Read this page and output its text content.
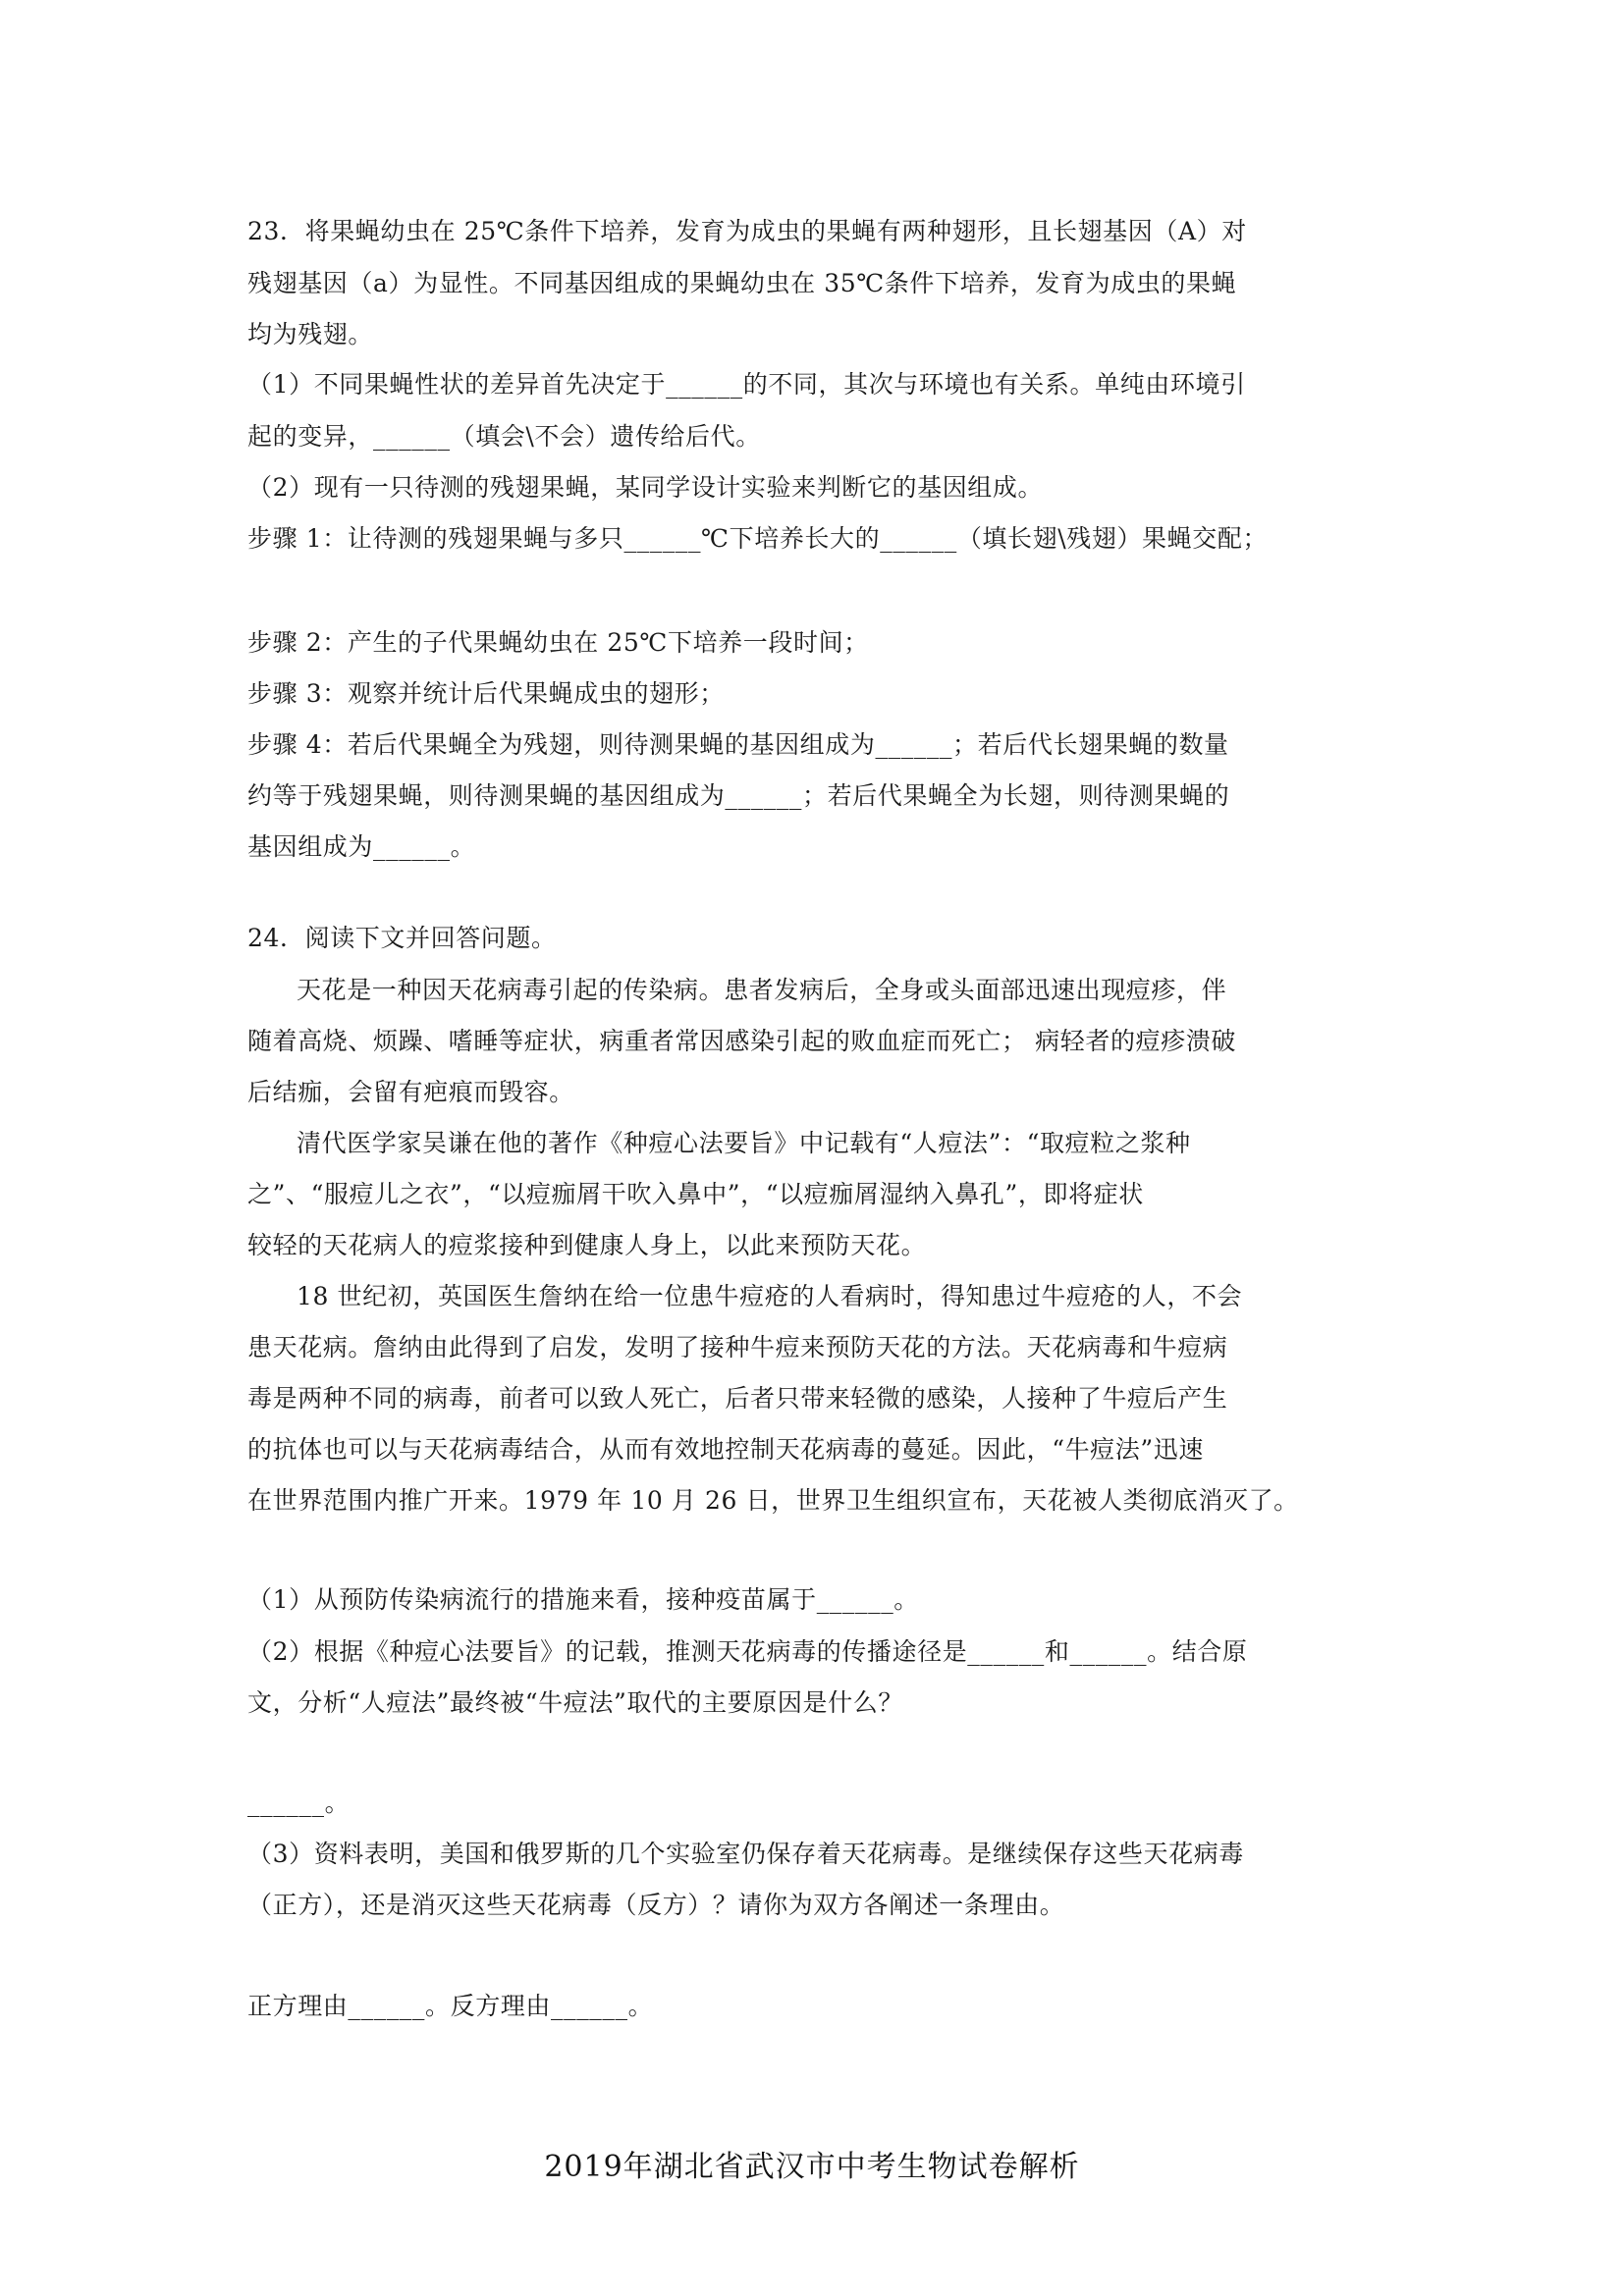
23．将果蝇幼虫在 25℃条件下培养，发育为成虫的果蝇有两种翅形，且长翅基因（A）对
残翅基因（a）为显性。不同基因组成的果蝇幼虫在 35℃条件下培养，发育为成虫的果蝇
均为残翅。
（1）不同果蝇性状的差异首先决定于______的不同，其次与环境也有关系。单纯由环境引
起的变异，______（填会\不会）遗传给后代。
（2）现有一只待测的残翅果蝇，某同学设计实验来判断它的基因组成。
步骤 1：让待测的残翅果蝇与多只______℃下培养长大的______（填长翅\残翅）果蝇交配；
步骤 2：产生的子代果蝇幼虫在 25℃下培养一段时间；
步骤 3：观察并统计后代果蝇成虫的翅形；
步骤 4：若后代果蝇全为残翅，则待测果蝇的基因组成为______；若后代长翅果蝇的数量
约等于残翅果蝇，则待测果蝇的基因组成为______；若后代果蝇全为长翅，则待测果蝇的
基因组成为______。
24．阅读下文并回答问题。
天花是一种因天花病毒引起的传染病。患者发病后，全身或头面部迅速出现痘疹，伴
随着高烧、烦躁、嗜睡等症状，病重者常因感染引起的败血症而死亡； 病轻者的痘疹溃破
后结痂，会留有疤痕而毁容。
清代医学家吴谦在他的著作《种痘心法要旨》中记载有“人痘法”：“取痘粒之浆种
之”、“服痘儿之衣”，“以痘痂屑干吹入鼻中”，“以痘痂屑湿纳入鼻孔”，即将症状
较轻的天花病人的痘浆接种到健康人身上，以此来预防天花。
18 世纪初，英国医生詹纳在给一位患牛痘疮的人看病时，得知患过牛痘疮的人，不会
患天花病。詹纳由此得到了启发，发明了接种牛痘来预防天花的方法。天花病毒和牛痘病
毒是两种不同的病毒，前者可以致人死亡，后者只带来轻微的感染，人接种了牛痘后产生
的抗体也可以与天花病毒结合，从而有效地控制天花病毒的蔓延。因此，“牛痘法”迅速
在世界范围内推广开来。1979 年 10 月 26 日，世界卫生组织宣布，天花被人类彻底消灭了。
（1）从预防传染病流行的措施来看，接种疫苗属于______。
（2）根据《种痘心法要旨》的记载，推测天花病毒的传播途径是______和______。结合原
文，分析“人痘法”最终被“牛痘法”取代的主要原因是什么？
______。
（3）资料表明，美国和俄罗斯的几个实验室仍保存着天花病毒。是继续保存这些天花病毒
（正方），还是消灭这些天花病毒（反方）？请你为双方各阐述一条理由。
正方理由______。反方理由______。
2019年湖北省武汉市中考生物试卷解析
